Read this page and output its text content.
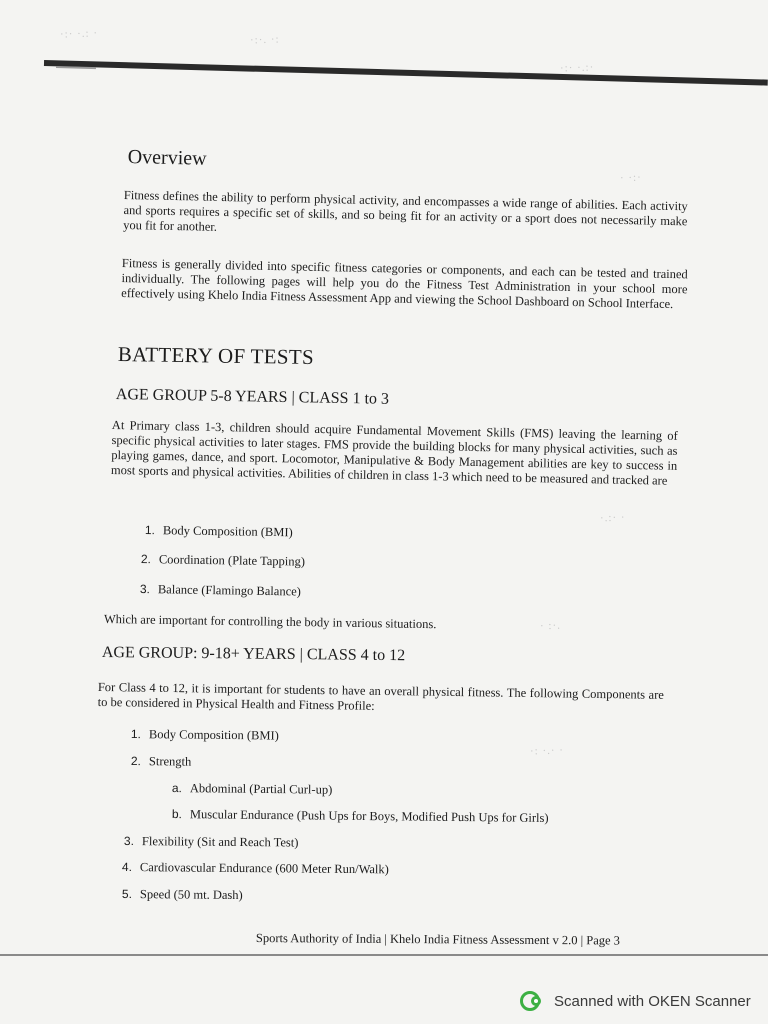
·:· ·.: ·	·:·. ·:
·:· ·.:·
· ·:·
·.:· ·
· :·.
·: ·.· ·
Overview
Fitness defines the ability to perform physical activity, and encompasses a wide range of abilities. Each activity and sports requires a specific set of skills, and so being fit for an activity or a sport does not necessarily make you fit for another.
Fitness is generally divided into specific fitness categories or components, and each can be tested and trained individually. The following pages will help you do the Fitness Test Administration in your school more effectively using Khelo India Fitness Assessment App and viewing the School Dashboard on School Interface.
BATTERY OF TESTS
AGE GROUP 5-8 YEARS | CLASS 1 to 3
At Primary class 1-3, children should acquire Fundamental Movement Skills (FMS) leaving the learning of specific physical activities to later stages. FMS provide the building blocks for many physical activities, such as playing games, dance, and sport. Locomotor, Manipulative & Body Management abilities are key to success in most sports and physical activities. Abilities of children in class 1-3 which need to be measured and tracked are
1. Body Composition (BMI)
2. Coordination (Plate Tapping)
3. Balance (Flamingo Balance)
Which are important for controlling the body in various situations.
AGE GROUP: 9-18+ YEARS | CLASS 4 to 12
For Class 4 to 12, it is important for students to have an overall physical fitness. The following Components are to be considered in Physical Health and Fitness Profile:
1. Body Composition (BMI)
2. Strength
a. Abdominal (Partial Curl-up)
b. Muscular Endurance (Push Ups for Boys, Modified Push Ups for Girls)
3. Flexibility (Sit and Reach Test)
4. Cardiovascular Endurance (600 Meter Run/Walk)
5. Speed (50 mt. Dash)
Sports Authority of India | Khelo India Fitness Assessment v 2.0 | Page 3
Scanned with OKEN Scanner
